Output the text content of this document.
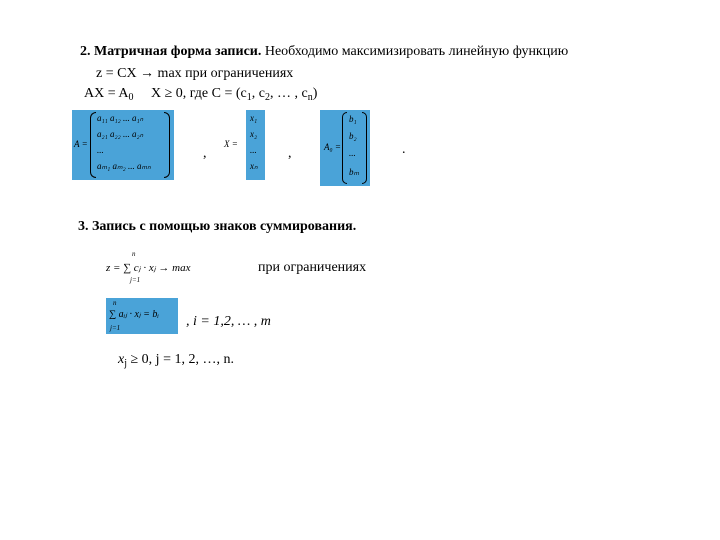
2. Матричная форма записи. Необходимо максимизировать линейную функцию
z = CX → max при ограничениях
AX = $A_0$ X ≥ 0, где $C = (c_1$, $c_2$, … , $c_n$)
A =
a₁₁ a₁₂ ... a₁ₙ
a₂₁ a₂₂ ... a₂ₙ
...
aₘ₁ aₘ₂ ... aₘₙ
,
X =
x₁
x₂
...
xₙ
,	A₀ =
b₁
b₂
...
bₘ
.
3. Запись с помощью знаков суммирования.
n
z = ∑ cⱼ · xⱼ → max
j=1
при ограничениях
n
∑ aᵢⱼ · xⱼ = bᵢ
j=1	, i = 1,2, … , m
$x_j \ge 0$, j = 1, 2, …, n.
